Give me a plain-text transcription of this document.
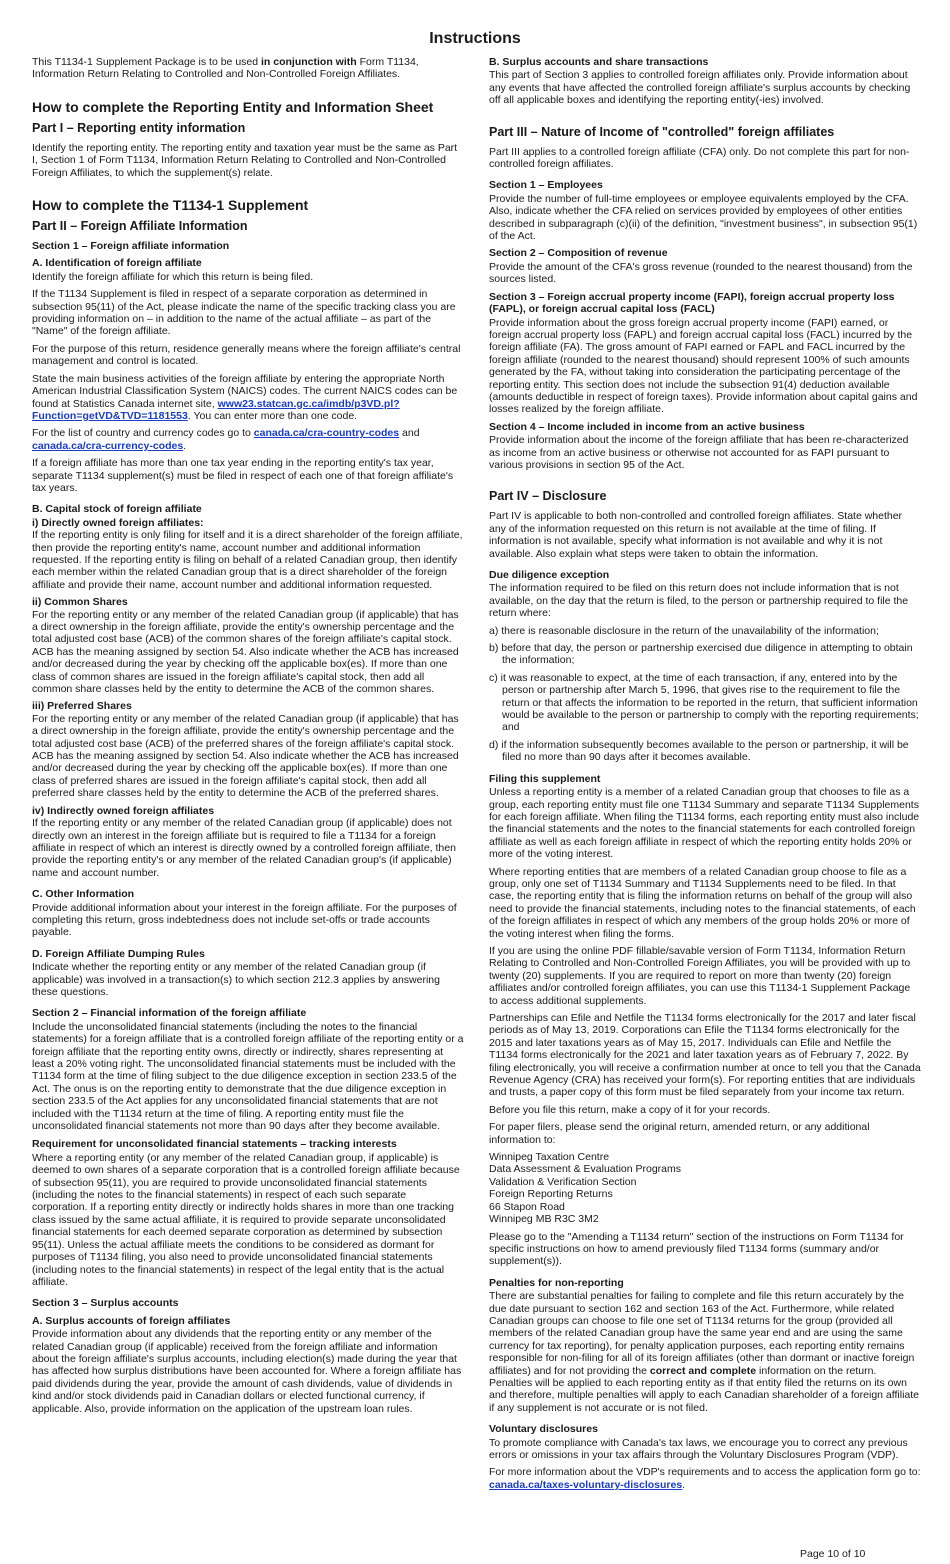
Instructions

This T1134-1 Supplement Package is to be used in conjunction with Form T1134, Information Return Relating to Controlled and Non-Controlled Foreign Affiliates.

How to complete the Reporting Entity and Information Sheet
Part I – Reporting entity information

Identify the reporting entity. The reporting entity and taxation year must be the same as Part I, Section 1 of Form T1134, Information Return Relating to Controlled and Non-Controlled Foreign Affiliates, to which the supplement(s) relate.

How to complete the T1134-1 Supplement
Part II – Foreign Affiliate Information

Section 1 – Foreign affiliate information

A. Identification of foreign affiliate

Identify the foreign affiliate for which this return is being filed.

If the T1134 Supplement is filed in respect of a separate corporation as determined in subsection 95(11) of the Act, please indicate the name of the specific tracking class you are providing information on – in addition to the name of the actual affiliate – as part of the "Name" of the foreign affiliate.

For the purpose of this return, residence generally means where the foreign affiliate's central management and control is located.

State the main business activities of the foreign affiliate by entering the appropriate North American Industrial Classification System (NAICS) codes. The current NAICS codes can be found at Statistics Canada internet site, www23.statcan.gc.ca/imdb/p3VD.pl?Function=getVD&TVD=1181553. You can enter more than one code.

For the list of country and currency codes go to canada.ca/cra-country-codes and canada.ca/cra-currency-codes.

If a foreign affiliate has more than one tax year ending in the reporting entity's tax year, separate T1134 supplement(s) must be filed in respect of each one of that foreign affiliate's tax years.

B. Capital stock of foreign affiliate

i) Directly owned foreign affiliates:

If the reporting entity is only filing for itself and it is a direct shareholder of the foreign affiliate, then provide the reporting entity's name, account number and additional information requested. If the reporting entity is filing on behalf of a related Canadian group, then identify each member within the related Canadian group that is a direct shareholder of the foreign affiliate and provide their name, account number and additional information requested.

ii) Common Shares

For the reporting entity or any member of the related Canadian group (if applicable) that has a direct ownership in the foreign affiliate, provide the entity's ownership percentage and the total adjusted cost base (ACB) of the common shares of the foreign affiliate's capital stock. ACB has the meaning assigned by section 54. Also indicate whether the ACB has increased and/or decreased during the year by checking off the applicable box(es). If more than one class of common shares are issued in the foreign affiliate's capital stock, then add all common share classes held by the entity to determine the ACB of the common shares.

iii) Preferred Shares

For the reporting entity or any member of the related Canadian group (if applicable) that has a direct ownership in the foreign affiliate, provide the entity's ownership percentage and the total adjusted cost base (ACB) of the preferred shares of the foreign affiliate's capital stock. ACB has the meaning assigned by section 54. Also indicate whether the ACB has increased and/or decreased during the year by checking off the applicable box(es). If more than one class of preferred shares are issued in the foreign affiliate's capital stock, then add all preferred share classes held by the entity to determine the ACB of the preferred shares.

iv) Indirectly owned foreign affiliates

If the reporting entity or any member of the related Canadian group (if applicable) does not directly own an interest in the foreign affiliate but is required to file a T1134 for a foreign affiliate in respect of which an interest is directly owned by a controlled foreign affiliate, then provide the reporting entity's or any member of the related Canadian group's (if applicable) name and account number.

C. Other Information

Provide additional information about your interest in the foreign affiliate. For the purposes of completing this return, gross indebtedness does not include set-offs or trade accounts payable.

D. Foreign Affiliate Dumping Rules

Indicate whether the reporting entity or any member of the related Canadian group (if applicable) was involved in a transaction(s) to which section 212.3 applies by answering these questions.

Section 2 – Financial information of the foreign affiliate

Include the unconsolidated financial statements (including the notes to the financial statements) for a foreign affiliate that is a controlled foreign affiliate of the reporting entity or a foreign affiliate that the reporting entity owns, directly or indirectly, shares representing at least a 20% voting right. The unconsolidated financial statements must be included with the T1134 form at the time of filing subject to the due diligence exception in section 233.5 of the Act. The onus is on the reporting entity to demonstrate that the due diligence exception in section 233.5 of the Act applies for any unconsolidated financial statements that are not included with the T1134 return at the time of filing. A reporting entity must file the unconsolidated financial statements not more than 90 days after they become available.

Requirement for unconsolidated financial statements – tracking interests

Where a reporting entity (or any member of the related Canadian group, if applicable) is deemed to own shares of a separate corporation that is a controlled foreign affiliate because of subsection 95(11), you are required to provide unconsolidated financial statements (including the notes to the financial statements) in respect of each such separate corporation. If a reporting entity directly or indirectly holds shares in more than one tracking class issued by the same actual affiliate, it is required to provide separate unconsolidated financial statements for each deemed separate corporation as determined by subsection 95(11). Unless the actual affiliate meets the conditions to be considered as dormant for purposes of T1134 filing, you also need to provide unconsolidated financial statements (including notes to the financial statements) in respect of the legal entity that is the actual affiliate.

Section 3 – Surplus accounts

A. Surplus accounts of foreign affiliates

Provide information about any dividends that the reporting entity or any member of the related Canadian group (if applicable) received from the foreign affiliate and information about the foreign affiliate's surplus accounts, including election(s) made during the year that has affected how surplus distributions have been accounted for. Where a foreign affiliate has paid dividends during the year, provide the amount of cash dividends, value of dividends in kind and/or stock dividends paid in Canadian dollars or elected functional currency, if applicable. Also, provide information on the application of the upstream loan rules.

B. Surplus accounts and share transactions

This part of Section 3 applies to controlled foreign affiliates only. Provide information about any events that have affected the controlled foreign affiliate's surplus accounts by checking off all applicable boxes and identifying the reporting entity(-ies) involved.

Part III – Nature of Income of "controlled" foreign affiliates

Part III applies to a controlled foreign affiliate (CFA) only. Do not complete this part for non-controlled foreign affiliates.

Section 1 – Employees

Provide the number of full-time employees or employee equivalents employed by the CFA. Also, indicate whether the CFA relied on services provided by employees of other entities described in subparagraph (c)(ii) of the definition, "investment business", in subsection 95(1) of the Act.

Section 2 – Composition of revenue

Provide the amount of the CFA's gross revenue (rounded to the nearest thousand) from the sources listed.

Section 3 – Foreign accrual property income (FAPI), foreign accrual property loss (FAPL), or foreign accrual capital loss (FACL)

Provide information about the gross foreign accrual property income (FAPI) earned, or foreign accrual property loss (FAPL) and foreign accrual capital loss (FACL) incurred by the foreign affiliate (FA). The gross amount of FAPI earned or FAPL and FACL incurred by the foreign affiliate (rounded to the nearest thousand) should represent 100% of such amounts generated by the FA, without taking into consideration the participating percentage of the reporting entity. This section does not include the subsection 91(4) deduction available (amounts deductible in respect of foreign taxes). Provide information about capital gains and losses realized by the foreign affiliate.

Section 4 – Income included in income from an active business

Provide information about the income of the foreign affiliate that has been re-characterized as income from an active business or otherwise not accounted for as FAPI pursuant to various provisions in section 95 of the Act.

Part IV – Disclosure

Part IV is applicable to both non-controlled and controlled foreign affiliates. State whether any of the information requested on this return is not available at the time of filing. If information is not available, specify what information is not available and why it is not available. Also explain what steps were taken to obtain the information.

Due diligence exception

The information required to be filed on this return does not include information that is not available, on the day that the return is filed, to the person or partnership required to file the return where:

a) there is reasonable disclosure in the return of the unavailability of the information;

b) before that day, the person or partnership exercised due diligence in attempting to obtain the information;

c) it was reasonable to expect, at the time of each transaction, if any, entered into by the person or partnership after March 5, 1996, that gives rise to the requirement to file the return or that affects the information to be reported in the return, that sufficient information would be available to the person or partnership to comply with the reporting requirements; and

d) if the information subsequently becomes available to the person or partnership, it will be filed no more than 90 days after it becomes available.

Filing this supplement

Unless a reporting entity is a member of a related Canadian group that chooses to file as a group, each reporting entity must file one T1134 Summary and separate T1134 Supplements for each foreign affiliate. When filing the T1134 forms, each reporting entity must also include the financial statements and the notes to the financial statements for each controlled foreign affiliate as well as each foreign affiliate in respect of which the reporting entity holds 20% or more of the voting interest.

Where reporting entities that are members of a related Canadian group choose to file as a group, only one set of T1134 Summary and T1134 Supplements need to be filed. In that case, the reporting entity that is filing the information returns on behalf of the group will also need to provide the financial statements, including notes to the financial statements, of each of the foreign affiliates in respect of which any members of the group holds 20% or more of the voting interest when filing the forms.

If you are using the online PDF fillable/savable version of Form T1134, Information Return Relating to Controlled and Non-Controlled Foreign Affiliates, you will be provided with up to twenty (20) supplements. If you are required to report on more than twenty (20) foreign affiliates and/or controlled foreign affiliates, you can use this T1134-1 Supplement Package to access additional supplements.

Partnerships can Efile and Netfile the T1134 forms electronically for the 2017 and later fiscal periods as of May 13, 2019. Corporations can Efile the T1134 forms electronically for the 2015 and later taxations years as of May 15, 2017. Individuals can Efile and Netfile the T1134 forms electronically for the 2021 and later taxation years as of February 7, 2022. By filing electronically, you will receive a confirmation number at once to tell you that the Canada Revenue Agency (CRA) has received your form(s). For reporting entities that are individuals and trusts, a paper copy of this form must be filed separately from your income tax return.

Before you file this return, make a copy of it for your records.

For paper filers, please send the original return, amended return, or any additional information to:

Winnipeg Taxation Centre

Data Assessment & Evaluation Programs

Validation & Verification Section

Foreign Reporting Returns

66 Stapon Road

Winnipeg MB R3C 3M2

Please go to the "Amending a T1134 return" section of the instructions on Form T1134 for specific instructions on how to amend previously filed T1134 forms (summary and/or supplement(s)).

Penalties for non-reporting

There are substantial penalties for failing to complete and file this return accurately by the due date pursuant to section 162 and section 163 of the Act. Furthermore, while related Canadian groups can choose to file one set of T1134 returns for the group (provided all members of the related Canadian group have the same year end and are using the same currency for tax reporting), for penalty application purposes, each reporting entity remains responsible for non-filing for all of its foreign affiliates (other than dormant or inactive foreign affiliates) and for not providing the correct and complete information on the return. Penalties will be applied to each reporting entity as if that entity filed the returns on its own and therefore, multiple penalties will apply to each Canadian shareholder of a foreign affiliate if any supplement is not accurate or is not filed.

Voluntary disclosures

To promote compliance with Canada's tax laws, we encourage you to correct any previous errors or omissions in your tax affairs through the Voluntary Disclosures Program (VDP).

For more information about the VDP's requirements and to access the application form go to: canada.ca/taxes-voluntary-disclosures.

Page 10 of 10
